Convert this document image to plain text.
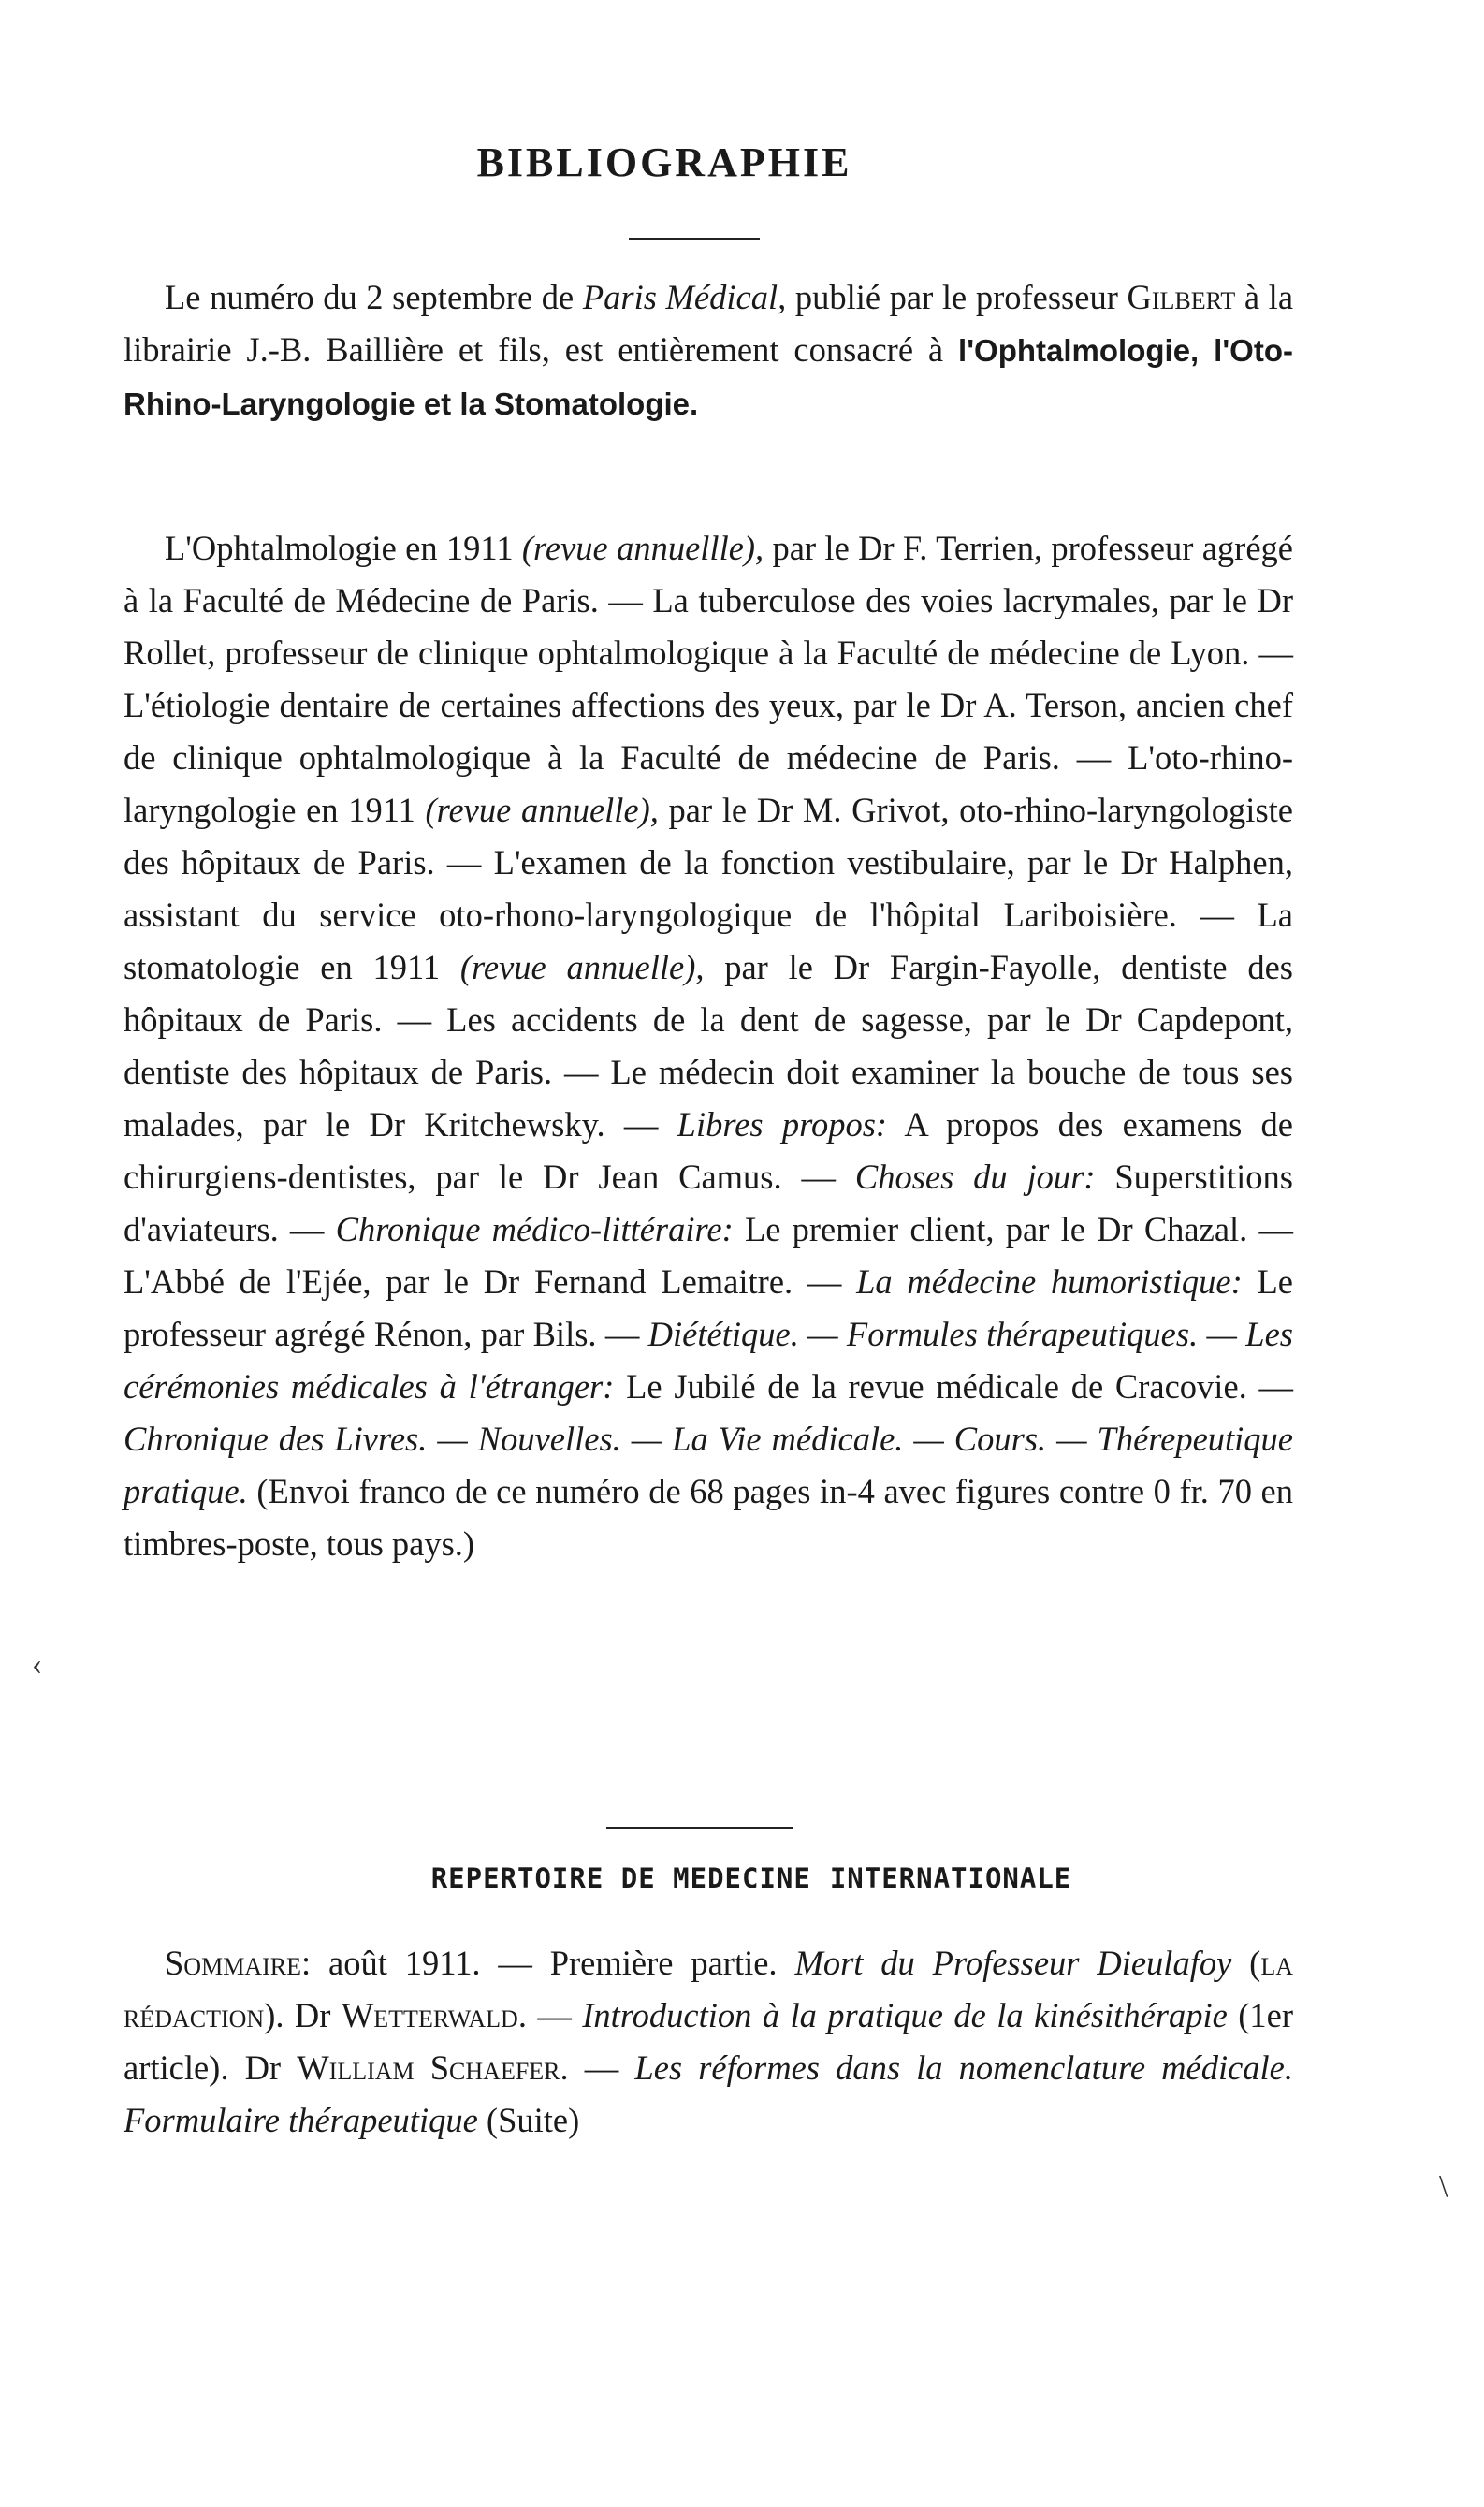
BIBLIOGRAPHIE

Le numéro du 2 septembre de Paris Médical, publié par le professeur Gilbert à la librairie J.-B. Baillière et fils, est entièrement consacré à l'Ophtalmologie, l'Oto-Rhino-Laryngologie et la Stomatologie.

L'Ophtalmologie en 1911 (revue annuellle), par le Dr F. Terrien, professeur agrégé à la Faculté de Médecine de Paris. — La tuberculose des voies lacrymales, par le Dr Rollet, professeur de clinique ophtalmologique à la Faculté de médecine de Lyon. — L'étiologie dentaire de certaines affections des yeux, par le Dr A. Terson, ancien chef de clinique ophtalmologique à la Faculté de médecine de Paris. — L'oto-rhino-laryngologie en 1911 (revue annuelle), par le Dr M. Grivot, oto-rhino-laryngologiste des hôpitaux de Paris. — L'examen de la fonction vestibulaire, par le Dr Halphen, assistant du service oto-rhono-laryngologique de l'hôpital Lariboisière. — La stomatologie en 1911 (revue annuelle), par le Dr Fargin-Fayolle, dentiste des hôpitaux de Paris. — Les accidents de la dent de sagesse, par le Dr Capdepont, dentiste des hôpitaux de Paris. — Le médecin doit examiner la bouche de tous ses malades, par le Dr Kritchewsky. — Libres propos: A propos des examens de chirurgiens-dentistes, par le Dr Jean Camus. — Choses du jour: Superstitions d'aviateurs. — Chronique médico-littéraire: Le premier client, par le Dr Chazal. — L'Abbé de l'Ejée, par le Dr Fernand Lemaitre. — La médecine humoristique: Le professeur agrégé Rénon, par Bils. — Diététique. — Formules thérapeutiques. — Les cérémonies médicales à l'étranger: Le Jubilé de la revue médicale de Cracovie. —Chronique des Livres. — Nouvelles. — La Vie médicale. — Cours. — Thérepeutique pratique. (Envoi franco de ce numéro de 68 pages in-4 avec figures contre 0 fr. 70 en timbres-poste, tous pays.)

REPERTOIRE DE MEDECINE INTERNATIONALE

Sommaire: août 1911. — Première partie. Mort du Professeur Dieulafoy (la rédaction). Dr Wetterwald. — Introduction à la pratique de la kinésithérapie (1er article). Dr William Schaefer. — Les réformes dans la nomenclature médicale. Formulaire thérapeutique (Suite)

‹
\
